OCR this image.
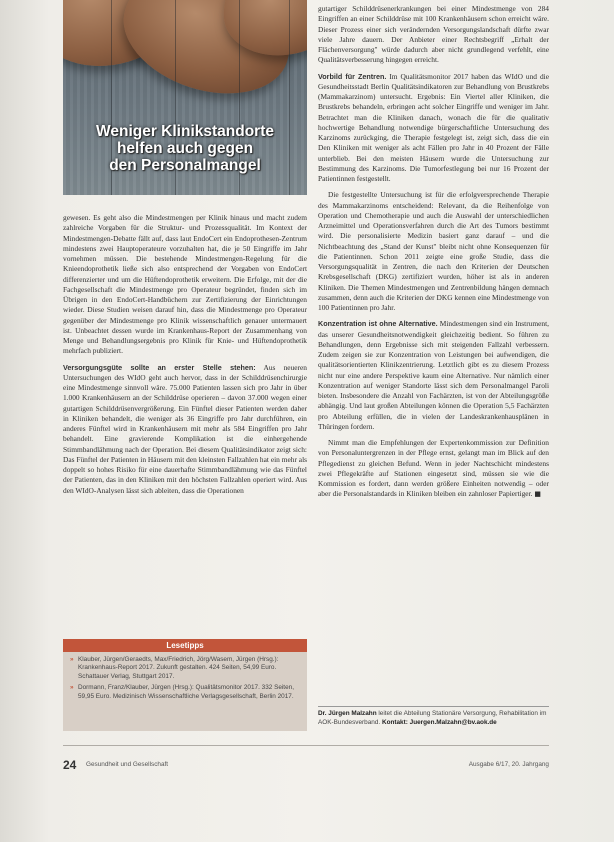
Weniger Klinikstandorte
helfen auch gegen
den Personalmangel

gewesen. Es geht also die Mindestmengen per Klinik hinaus und macht zudem zahlreiche Vorgaben für die Struktur- und Prozessqualität. Im Kontext der Mindestmengen-Debatte fällt auf, dass laut EndoCert ein Endoprothesen-Zentrum mindestens zwei Hauptoperateure vorzuhalten hat, die je 50 Eingriffe im Jahr vornehmen müssen. Die bestehende Mindestmengen-Regelung für die Knieendoprothetik ließe sich also entsprechend der Vorgaben von EndoCert differenzierter und um die Hüftendoprothetik erweitern. Die Erfolge, mit der die Fachgesellschaft die Mindestmenge pro Operateur begründet, finden sich im Übrigen in den EndoCert-Handbüchern zur Zertifizierung der Einrichtungen wieder. Diese Studien weisen darauf hin, dass die Mindestmenge pro Operateur gegenüber der Mindestmenge pro Klinik wissenschaftlich genauer untermauert ist. Unbeachtet dessen wurde im Krankenhaus-Report der Zusammenhang von Menge und Behandlungsergebnis pro Klinik für Knie- und Hüftendoprothetik mehrfach publiziert.

Versorgungsgüte sollte an erster Stelle stehen: Aus neueren Untersuchungen des WIdO geht auch hervor, dass in der Schilddrüsenchirurgie eine Mindestmenge sinnvoll wäre. 75.000 Patienten lassen sich pro Jahr in über 1.000 Krankenhäusern an der Schilddrüse operieren – davon 37.000 wegen einer gutartigen Schilddrüsenvergrößerung. Ein Fünftel dieser Patienten werden daher in Kliniken behandelt, die weniger als 36 Eingriffe pro Jahr durchführen, ein anderes Fünftel wird in Krankenhäusern mit mehr als 584 Eingriffen pro Jahr behandelt. Eine gravierende Komplikation ist die einhergehende Stimmbandlähmung nach der Operation. Bei diesem Qualitätsindikator zeigt sich: Das Fünftel der Patienten in Häusern mit den kleinsten Fallzahlen hat ein mehr als doppelt so hohes Risiko für eine dauerhafte Stimmbandlähmung wie das Fünftel der Patienten, das in den Kliniken mit den höchsten Fallzahlen operiert wird. Aus den WIdO-Analysen lässt sich ableiten, dass die Operationen

Lesetipps
» Klauber, Jürgen/Geraedts, Max/Friedrich, Jörg/Wasem, Jürgen (Hrsg.): Krankenhaus-Report 2017. Zukunft gestalten. 424 Seiten, 54,99 Euro. Schattauer Verlag, Stuttgart 2017.
» Dormann, Franz/Klauber, Jürgen (Hrsg.): Qualitätsmonitor 2017. 332 Seiten, 59,95 Euro. Medizinisch Wissenschaftliche Verlagsgesellschaft, Berlin 2017.

gutartiger Schilddrüsenerkrankungen bei einer Mindestmenge von 284 Eingriffen an einer Schilddrüse mit 100 Krankenhäusern schon erreicht wäre. Dieser Prozess einer sich verändernden Versorgungslandschaft dürfte zwar viele Jahre dauern. Der Anbieter einer Rechtsbegriff „Erhalt der Flächenversorgung" würde dadurch aber nicht grundlegend verfehlt, eine Qualitätsverbesserung hingegen erreicht.

Vorbild für Zentren. Im Qualitätsmonitor 2017 haben das WIdO und die Gesundheitsstadt Berlin Qualitätsindikatoren zur Behandlung von Brustkrebs (Mammakarzinom) untersucht. Ergebnis: Ein Viertel aller Kliniken, die Brustkrebs behandeln, erbringen acht solcher Eingriffe und weniger im Jahr. Betrachtet man die Kliniken danach, wonach die für die qualitativ hochwertige Behandlung notwendige bürgerschaftliche Untersuchung des Karzinoms zurückging, die Therapie festgelegt ist, zeigt sich, dass die ein Den Kliniken mit weniger als acht Fällen pro Jahr in 40 Prozent der Fälle unterblieb. Bei den meisten Häusern wurde die Untersuchung zur Bestimmung des Karzinoms. Die Tumorfestlegung bei nur 16 Prozent der Patientinnen festgestellt.

Die festgestellte Untersuchung ist für die erfolgversprechende Therapie des Mammakarzinoms entscheidend: Relevant, da die Reihenfolge von Operation und Chemotherapie und auch die Auswahl der unterschiedlichen Arzneimittel und Operationsverfahren durch die Art des Tumors bestimmt wird. Die personalisierte Medizin basiert ganz darauf – und die Nichtbeachtung des „Stand der Kunst" bleibt nicht ohne Konsequenzen für die Patientinnen. Schon 2011 zeigte eine große Studie, dass die Versorgungsqualität in Zentren, die nach den Kriterien der Deutschen Krebsgesellschaft (DKG) zertifiziert wurden, höher ist als in anderen Kliniken. Die Themen Mindestmengen und Zentrenbildung hängen demnach zusammen, denn auch die Kriterien der DKG kennen eine Mindestmenge von 100 Patientinnen pro Jahr.

Konzentration ist ohne Alternative. Mindestmengen sind ein Instrument, das unserer Gesundheitsnotwendigkeit gleichzeitig bedient. So führen zu Behandlungen, denn Ergebnisse sich mit steigenden Fallzahl verbessern. Zudem zeigen sie zur Konzentration von Leistungen bei aufwendigen, die qualitätsorientierten Klinikzentrierung. Letztlich gibt es zu diesem Prozess nicht nur eine andere Perspektive kaum eine Alternative. Nur nämlich einer Konzentration auf weniger Standorte lässt sich dem Personalmangel Paroli bieten. Insbesondere die Anzahl von Fachärzten, ist von der Abteilungsgröße abhängig. Und laut großen Abteilungen können die Operation 5,5 Fachärzten pro Abteilung erfüllen, die in vielen der Landeskrankenhausplänen in Thüringen fordern.

Nimmt man die Empfehlungen der Expertenkommission zur Definition von Personaluntergrenzen in der Pflege ernst, gelangt man im Blick auf den Pflegedienst zu gleichen Befund. Wenn in jeder Nachtschicht mindestens zwei Pflegekräfte auf Stationen eingesetzt sind, müssen sie wie die Kommission es fordert, dann werden größere Einheiten notwendig – oder aber die Personalstandards in Kliniken bleiben ein zahnloser Papiertiger. ■

Dr. Jürgen Malzahn leitet die Abteilung Stationäre Versorgung, Rehabilitation im AOK-Bundesverband. Kontakt: Juergen.Malzahn@bv.aok.de
24 Gesundheit und Gesellschaft	Ausgabe 6/17, 20. Jahrgang
